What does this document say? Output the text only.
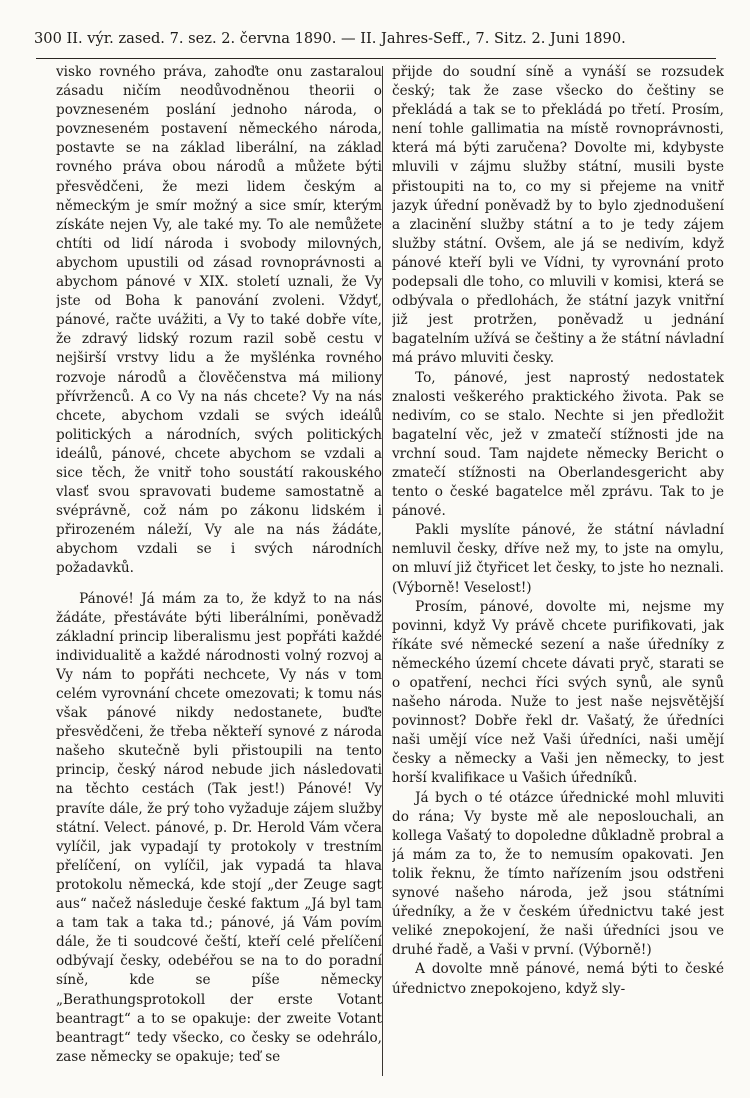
300 II. výr. zased. 7. sez. 2. června 1890. — II. Jahres-Seff., 7. Sitz. 2. Juni 1890.

visko rovného práva, zahoďte onu zastaralou zásadu ničím neodůvodněnou theorii o povzneseném poslání jednoho národa, o povzneseném postavení německého národa, postavte se na základ liberální, na základ rovného práva obou národů a můžete býti přesvědčeni, že mezi lidem českým a německým je smír možný a sice smír, kterým získáte nejen Vy, ale také my. To ale nemůžete chtíti od lidí národa i svobody milovných, abychom upustili od zásad rovnoprávnosti a abychom pánové v XIX. století uznali, že Vy jste od Boha k panování zvoleni. Vždyť, pánové, račte uvážiti, a Vy to také dobře víte, že zdravý lidský rozum razil sobě cestu v nejširší vrstvy lidu a že myšlénka rovného rozvoje národů a člověčenstva má miliony přívrženců. A co Vy na nás chcete? Vy na nás chcete, abychom vzdali se svých ideálů politických a národních, svých politických ideálů, pánové, chcete abychom se vzdali a sice těch, že vnitř toho soustátí rakouského vlasť svou spravovati budeme samostatně a svéprávně, což nám po zákonu lidském i přirozeném náleží, Vy ale na nás žádáte, abychom vzdali se i svých národních požadavků.

Pánové! Já mám za to, že když to na nás žádáte, přestáváte býti liberálními, poněvadž základní princip liberalismu jest popřáti každé individualitě a každé národnosti volný rozvoj a Vy nám to popřáti nechcete, Vy nás v tom celém vyrovnání chcete omezovati; k tomu nás však pánové nikdy nedostanete, buďte přesvědčeni, že třeba někteří synové z národa našeho skutečně byli přistoupili na tento princip, český národ nebude jich následovati na těchto cestách (Tak jest!) Pánové! Vy pravíte dále, že prý toho vyžaduje zájem služby státní. Velect. pánové, p. Dr. Herold Vám včera vylíčil, jak vypadají ty protokoly v trestním přelíčení, on vylíčil, jak vypadá ta hlava protokolu německá, kde stojí „der Zeuge sagt aus“ načež následuje české faktum „Já byl tam a tam tak a taka td.; pánové, já Vám povím dále, že ti soudcové čeští, kteří celé přelíčení odbývají česky, odebéřou se na to do poradní síně, kde se píše německy „Berathungsprotokoll der erste Votant beantragt“ a to se opakuje: der zweite Votant beantragt“ tedy všecko, co česky se odehrálo, zase německy se opakuje; teď se

přijde do soudní síně a vynáší se rozsudek český; tak že zase všecko do češtiny se překládá a tak se to překládá po třetí. Prosím, není tohle gallimatia na místě rovnoprávnosti, která má býti zaručena? Dovolte mi, kdybyste mluvili v zájmu služby státní, musili byste přistoupiti na to, co my si přejeme na vnitř jazyk úřední poněvadž by to bylo zjednodušení a zlacinění služby státní a to je tedy zájem služby státní. Ovšem, ale já se nedivím, když pánové kteří byli ve Vídni, ty vyrovnání proto podepsali dle toho, co mluvili v komisi, která se odbývala o předlohách, že státní jazyk vnitřní již jest protržen, poněvadž u jednání bagatelním užívá se češtiny a že státní návladní má právo mluviti česky.

To, pánové, jest naprostý nedostatek znalosti veškerého praktického života. Pak se nedivím, co se stalo. Nechte si jen předložit bagatelní věc, jež v zmatečí stížnosti jde na vrchní soud. Tam najdete německy Bericht o zmatečí stížnosti na Oberlandesgericht aby tento o české bagatelce měl zprávu. Tak to je pánové.

Pakli myslíte pánové, že státní návladní nemluvil česky, dříve než my, to jste na omylu, on mluví již čtyřicet let česky, to jste ho neznali. (Výborně! Veselost!)

Prosím, pánové, dovolte mi, nejsme my povinni, když Vy právě chcete purifikovati, jak říkáte své německé sezení a naše úředníky z německého území chcete dávati pryč, starati se o opatření, nechci říci svých synů, ale synů našeho národa. Nuže to jest naše nejsvětější povinnost? Dobře řekl dr. Vašatý, že úředníci naši umějí více než Vaši úředníci, naši umějí česky a německy a Vaši jen německy, to jest horší kvalifikace u Vašich úředníků.

Já bych o té otázce úřednické mohl mluviti do rána; Vy byste mě ale neposlouchali, an kollega Vašatý to dopoledne důkladně probral a já mám za to, že to nemusím opakovati. Jen tolik řeknu, že tímto nařízením jsou odstřeni synové našeho národa, jež jsou státními úředníky, a že v českém úřednictvu také jest veliké znepokojení, že naši úředníci jsou ve druhé řadě, a Vaši v první. (Výborně!)

A dovolte mně pánové, nemá býti to české úřednictvo znepokojeno, když sly-
